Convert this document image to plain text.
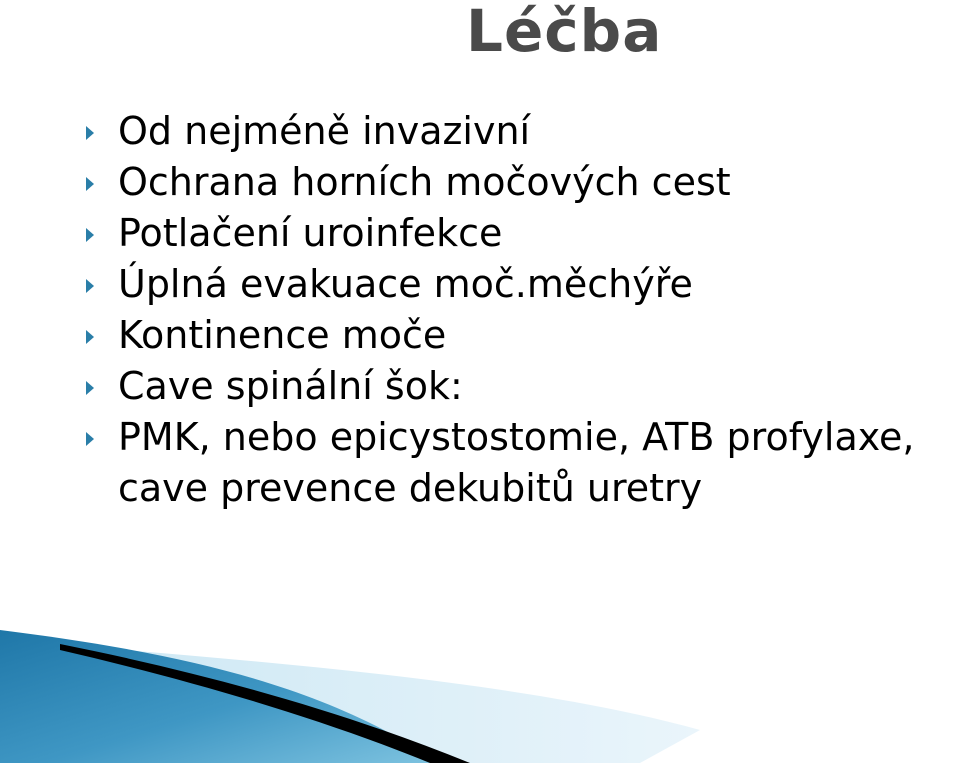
Léčba
Od nejméně invazivní
Ochrana horních močových cest
Potlačení uroinfekce
Úplná evakuace moč.měchýře
Kontinence moče
Cave spinální šok:
PMK, nebo epicystostomie, ATB profylaxe,
cave prevence dekubitů uretry
